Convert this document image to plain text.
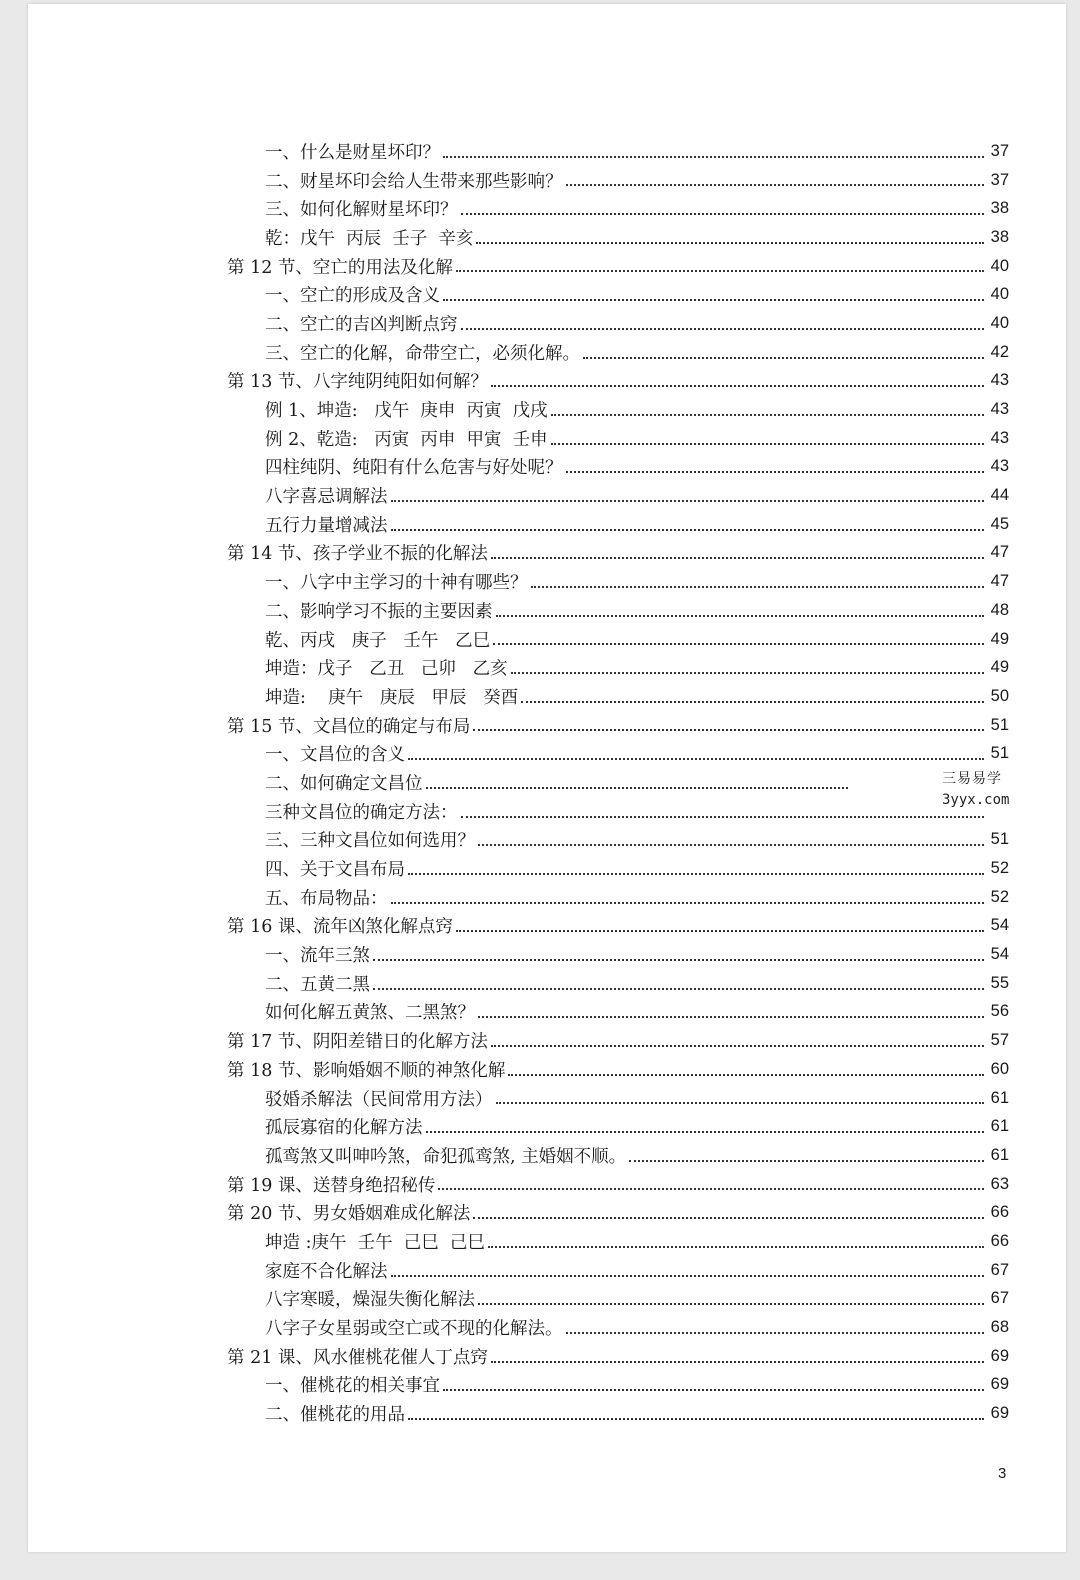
一、什么是财星坏印？	37
二、财星坏印会给人生带来那些影响？	37
三、如何化解财星坏印？	38
乾：戊午  丙辰  壬子  辛亥	38
第 12 节、空亡的用法及化解	40
一、空亡的形成及含义	40
二、空亡的吉凶判断点窍	40
三、空亡的化解，命带空亡，必须化解。	42
第 13 节、八字纯阴纯阳如何解？	43
例 1、坤造:   戊午  庚申  丙寅  戊戌	43
例 2、乾造:   丙寅  丙申  甲寅  壬申	43
四柱纯阴、纯阳有什么危害与好处呢？	43
八字喜忌调解法	44
五行力量增减法	45
第 14 节、孩子学业不振的化解法	47
一、八字中主学习的十神有哪些？	47
二、影响学习不振的主要因素	48
乾、丙戌   庚子   壬午   乙巳	49
坤造：戊子   乙丑   己卯   乙亥	49
坤造:    庚午   庚辰   甲辰   癸酉	50
第 15 节、文昌位的确定与布局	51
一、文昌位的含义	51
二、如何确定文昌位
三种文昌位的确定方法：
三、三种文昌位如何选用？	51
四、关于文昌布局	52
五、布局物品：	52
第 16 课、流年凶煞化解点窍	54
一、流年三煞	54
二、五黄二黑	55
如何化解五黄煞、二黑煞？	56
第 17 节、阴阳差错日的化解方法	57
第 18 节、影响婚姻不顺的神煞化解	60
驳婚杀解法（民间常用方法）	61
孤辰寡宿的化解方法	61
孤鸾煞又叫呻吟煞，命犯孤鸾煞, 主婚姻不顺。	61
第 19 课、送替身绝招秘传	63
第 20 节、男女婚姻难成化解法	66
坤造 :庚午  壬午  己巳  己巳	66
家庭不合化解法	67
八字寒暖，燥湿失衡化解法	67
八字子女星弱或空亡或不现的化解法。	68
第 21 课、风水催桃花催人丁点窍	69
一、催桃花的相关事宜	69
二、催桃花的用品	69
三易易学
3yyx.com
3
